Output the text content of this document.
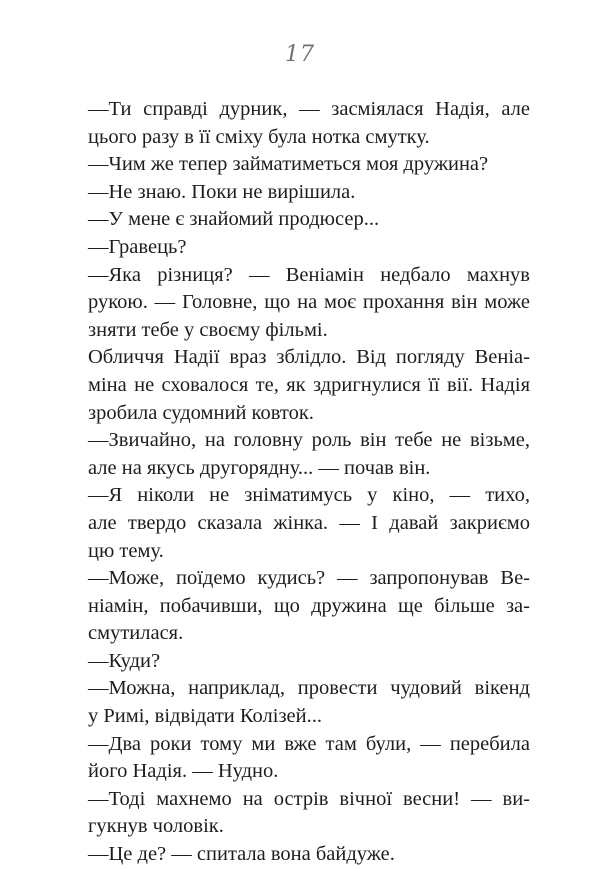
17

—Ти справді дурник, — засміялася Надія, але
цього разу в її сміху була нотка смутку.

—Чим же тепер займатиметься моя дружина?

—Не знаю. Поки не вирішила.

—У мене є знайомий продюсер...

—Гравець?

—Яка різниця? — Веніамін недбало махнув
рукою. — Головне, що на моє прохання він може
зняти тебе у своєму фільмі.

Обличчя Надії враз зблідло. Від погляду Веніа-
міна не сховалося те, як здригнулися її вії. Надія
зробила судомний ковток.

—Звичайно, на головну роль він тебе не візьме,
але на якусь другорядну... — почав він.

—Я ніколи не зніматимусь у кіно, — тихо,
але твердо сказала жінка. — І давай закриємо
цю тему.

—Може, поїдемо кудись? — запропонував Ве-
ніамін, побачивши, що дружина ще більше за-
смутилася.

—Куди?

—Можна, наприклад, провести чудовий вікенд
у Римі, відвідати Колізей...

—Два роки тому ми вже там були, — перебила
його Надія. — Нудно.

—Тоді махнемо на острів вічної весни! — ви-
гукнув чоловік.

—Це де? — спитала вона байдуже.
